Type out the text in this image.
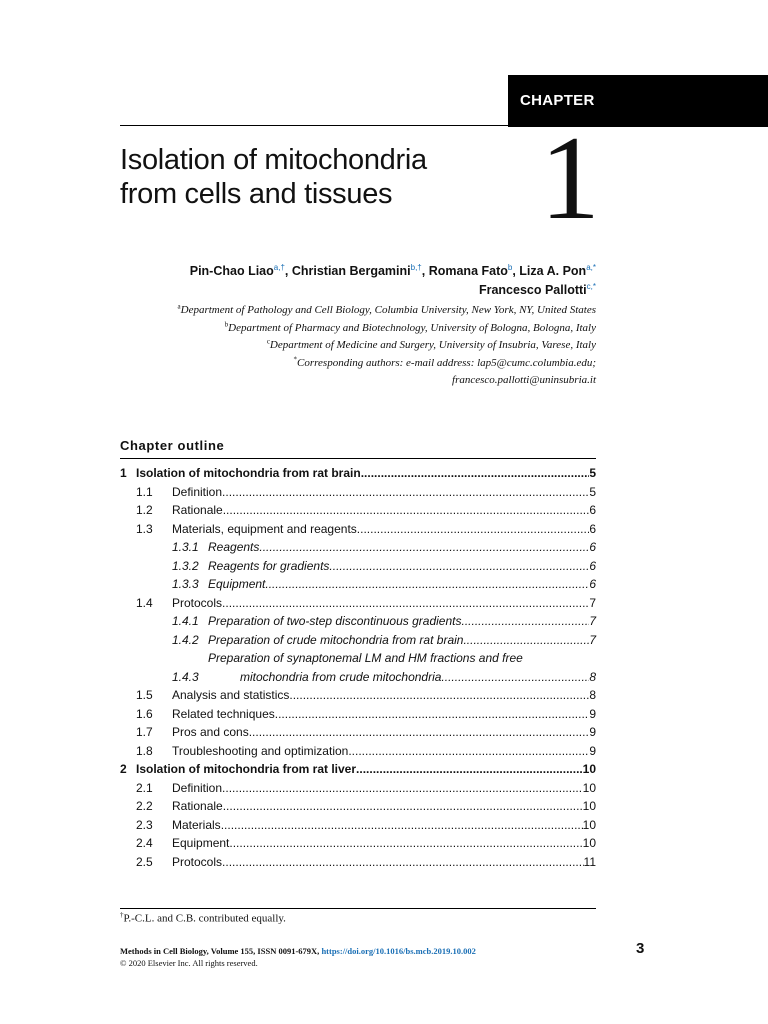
CHAPTER
Isolation of mitochondria
from cells and tissues	1
Pin-Chao Liao$^{a,\dagger}$, Christian Bergamini$^{b,\dagger}$, Romana Fato$^b$, Liza A. Pon$^{a,*}$
Francesco Pallotti$^{c,*}$
$^a$Department of Pathology and Cell Biology, Columbia University, New York, NY, United States
$^b$Department of Pharmacy and Biotechnology, University of Bologna, Bologna, Italy
$^c$Department of Medicine and Surgery, University of Insubria, Varese, Italy
*Corresponding authors: e-mail address: lap5@cumc.columbia.edu;
francesco.pallotti@uninsubria.it
Chapter outline
1 Isolation of mitochondria from rat brain .....	5
1.1	Definition .....	5
1.2	Rationale .....	6
1.3	Materials, equipment and reagents .....	6
1.3.1 Reagents .....	6
1.3.2 Reagents for gradients .....	6
1.3.3 Equipment .....	6
1.4	Protocols .....	7
1.4.1 Preparation of two-step discontinuous gradients .....	7
1.4.2 Preparation of crude mitochondria from rat brain .....	7
1.4.3
Preparation of synaptonemal LM and HM fractions and free
mitochondria from crude mitochondria .....	8
1.5	Analysis and statistics .....	8
1.6	Related techniques .....	9
1.7	Pros and cons .....	9
1.8	Troubleshooting and optimization .....	9
2 Isolation of mitochondria from rat liver .....	10
2.1	Definition .....	10
2.2	Rationale .....	10
2.3	Materials .....	10
2.4	Equipment .....	10
2.5	Protocols .....	11
†P.-C.L. and C.B. contributed equally.
Methods in Cell Biology, Volume 155, ISSN 0091-679X, https://doi.org/10.1016/bs.mcb.2019.10.002
© 2020 Elsevier Inc. All rights reserved.
3
